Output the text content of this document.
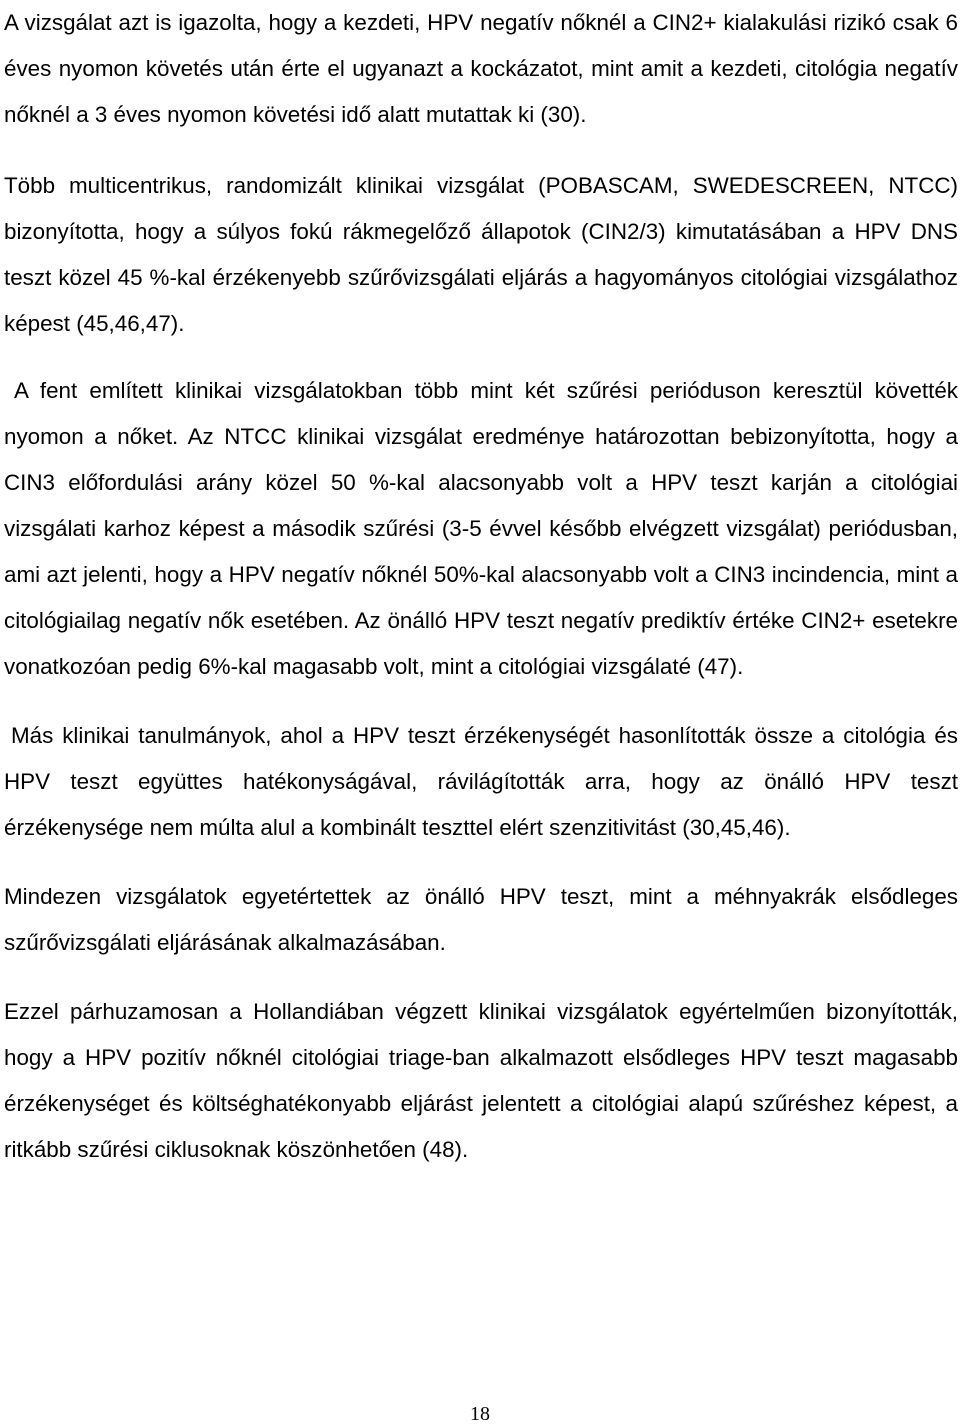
A vizsgálat azt is igazolta, hogy a kezdeti, HPV negatív nőknél a CIN2+ kialakulási rizikó csak 6 éves nyomon követés után érte el ugyanazt a kockázatot, mint amit a kezdeti, citológia negatív nőknél a 3 éves nyomon követési idő alatt mutattak ki (30).

Több multicentrikus, randomizált klinikai vizsgálat (POBASCAM, SWEDESCREEN, NTCC) bizonyította, hogy a súlyos fokú rákmegelőző állapotok (CIN2/3) kimutatásában a HPV DNS teszt közel 45 %-kal érzékenyebb szűrővizsgálati eljárás a hagyományos citológiai vizsgálathoz képest (45,46,47).

A fent említett klinikai vizsgálatokban több mint két szűrési perióduson keresztül követték nyomon a nőket. Az NTCC klinikai vizsgálat eredménye határozottan bebizonyította, hogy a CIN3 előfordulási arány közel 50 %-kal alacsonyabb volt a HPV teszt karján a citológiai vizsgálati karhoz képest a második szűrési (3-5 évvel később elvégzett vizsgálat) periódusban, ami azt jelenti, hogy a HPV negatív nőknél 50%-kal alacsonyabb volt a CIN3 incindencia, mint a citológiailag negatív nők esetében. Az önálló HPV teszt negatív prediktív értéke CIN2+ esetekre vonatkozóan pedig 6%-kal magasabb volt, mint a citológiai vizsgálaté (47).

Más klinikai tanulmányok, ahol a HPV teszt érzékenységét hasonlították össze a citológia és HPV teszt együttes hatékonyságával, rávilágították arra, hogy az önálló HPV teszt érzékenysége nem múlta alul a kombinált teszttel elért szenzitivitást (30,45,46).

Mindezen vizsgálatok egyetértettek az önálló HPV teszt, mint a méhnyakrák elsődleges szűrővizsgálati eljárásának alkalmazásában.

Ezzel párhuzamosan a Hollandiában végzett klinikai vizsgálatok egyértelműen bizonyították, hogy a HPV pozitív nőknél citológiai triage-ban alkalmazott elsődleges HPV teszt magasabb érzékenységet és költséghatékonyabb eljárást jelentett a citológiai alapú szűréshez képest, a ritkább szűrési ciklusoknak köszönhetően (48).

18
